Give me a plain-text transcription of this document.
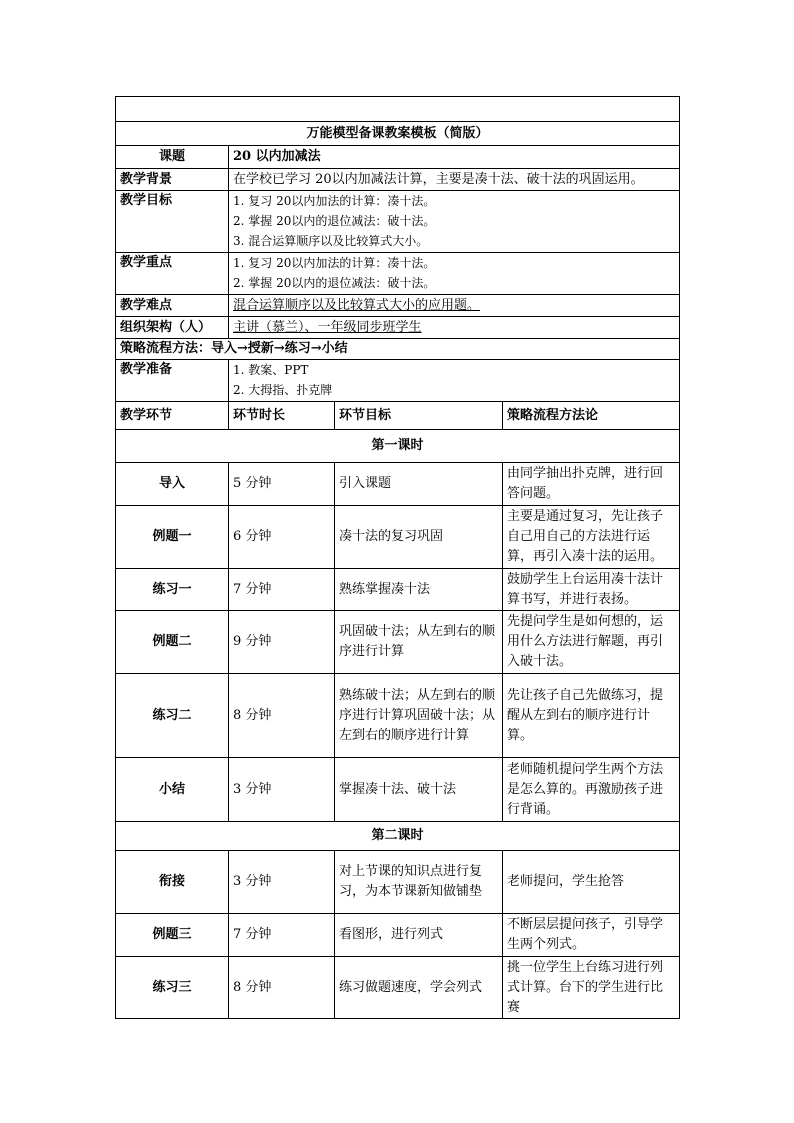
万能模型备课教案模板（简版）			
课题	20 以内加减法		
教学背景	在学校已学习 20以内加减法计算，主要是凑十法、破十法的巩固运用。		
教学目标	1. 复习 20以内加法的计算：凑十法。
2. 掌握 20以内的退位减法：破十法。
3. 混合运算顺序以及比较算式大小。		

教学重点	1. 复习 20以内加法的计算：凑十法。
2. 掌握 20以内的退位减法：破十法。		

教学难点	混合运算顺序以及比较算式大小的应用题。		
组织架构（人）	主讲（慕兰）、一年级同步班学生		
策略流程方法：导入→授新→练习→小结			
教学准备	1. 教案、PPT
2. 大拇指、扑克牌		

教学环节	环节时长	环节目标	策略流程方法论
第一课时			
导入	5 分钟	引入课题	由同学抽出扑克牌，进行回答问题。
例题一	6 分钟	凑十法的复习巩固	主要是通过复习，先让孩子自己用自己的方法进行运算，再引入凑十法的运用。
练习一	7 分钟	熟练掌握凑十法	鼓励学生上台运用凑十法计算书写，并进行表扬。
例题二	9 分钟	巩固破十法；从左到右的顺序进行计算	先提问学生是如何想的，运用什么方法进行解题，再引入破十法。
练习二	8 分钟	熟练破十法；从左到右的顺序进行计算巩固破十法；从左到右的顺序进行计算	先让孩子自己先做练习，提醒从左到右的顺序进行计算。
小结	3 分钟	掌握凑十法、破十法	老师随机提问学生两个方法是怎么算的。再激励孩子进行背诵。
第二课时			
衔接	3 分钟	对上节课的知识点进行复习，为本节课新知做铺垫	老师提问，学生抢答
例题三	7 分钟	看图形，进行列式	不断层层提问孩子，引导学生两个列式。
练习三	8 分钟	练习做题速度，学会列式	挑一位学生上台练习进行列式计算。台下的学生进行比赛
